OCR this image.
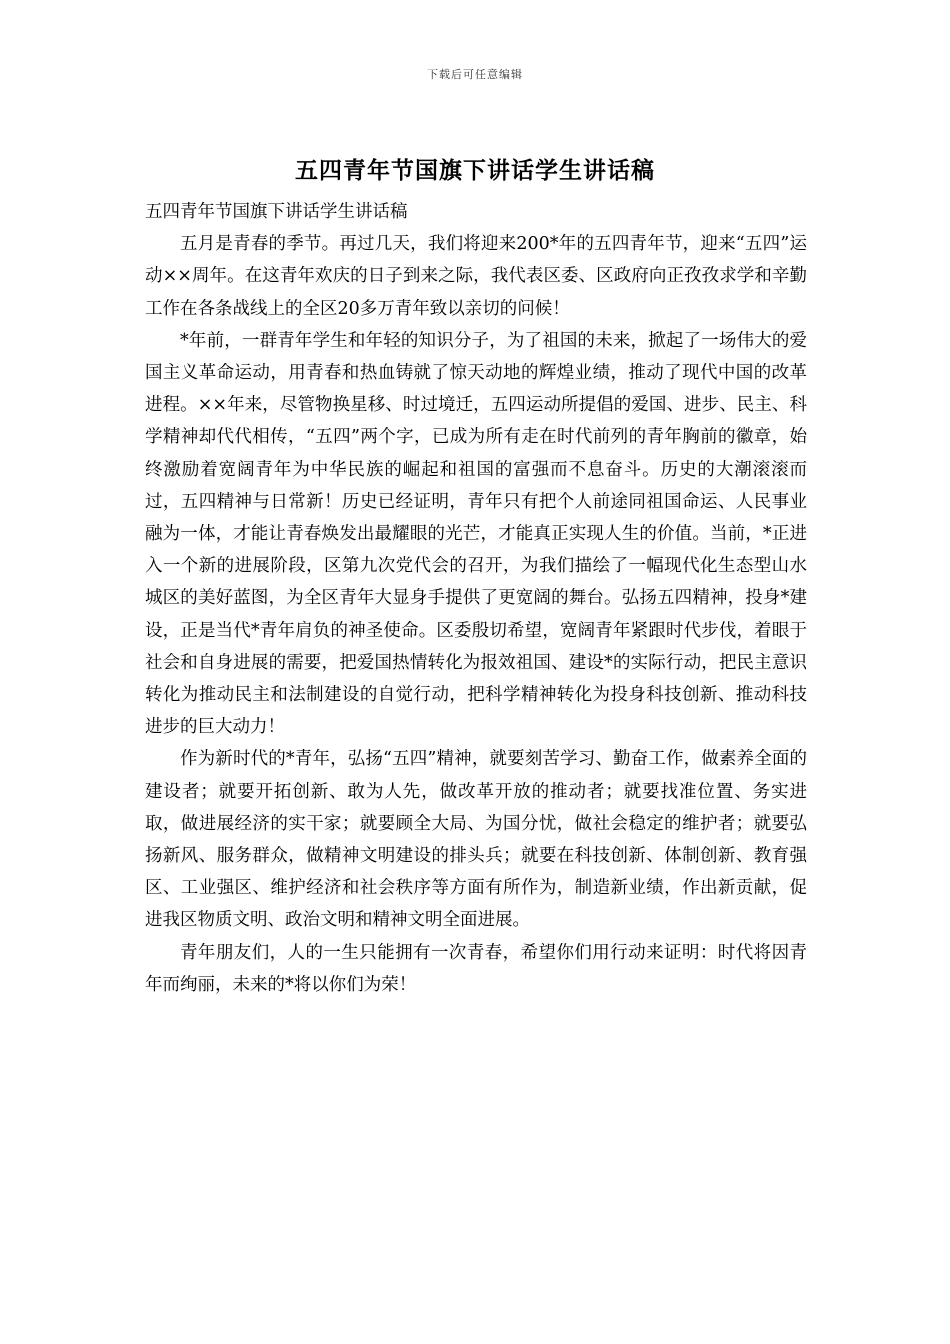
下载后可任意编辑
五四青年节国旗下讲话学生讲话稿

五四青年节国旗下讲话学生讲话稿

五月是青春的季节。再过几天，我们将迎来200*年的五四青年节，迎来“五四”运动××周年。在这青年欢庆的日子到来之际，我代表区委、区政府向正孜孜求学和辛勤工作在各条战线上的全区20多万青年致以亲切的问候！

*年前，一群青年学生和年轻的知识分子，为了祖国的未来，掀起了一场伟大的爱国主义革命运动，用青春和热血铸就了惊天动地的辉煌业绩，推动了现代中国的改革进程。××年来，尽管物换星移、时过境迁，五四运动所提倡的爱国、进步、民主、科学精神却代代相传，“五四”两个字，已成为所有走在时代前列的青年胸前的徽章，始终激励着宽阔青年为中华民族的崛起和祖国的富强而不息奋斗。历史的大潮滚滚而过，五四精神与日常新！历史已经证明，青年只有把个人前途同祖国命运、人民事业融为一体，才能让青春焕发出最耀眼的光芒，才能真正实现人生的价值。当前，*正进入一个新的进展阶段，区第九次党代会的召开，为我们描绘了一幅现代化生态型山水城区的美好蓝图，为全区青年大显身手提供了更宽阔的舞台。弘扬五四精神，投身*建设，正是当代*青年肩负的神圣使命。区委殷切希望，宽阔青年紧跟时代步伐，着眼于社会和自身进展的需要，把爱国热情转化为报效祖国、建设*的实际行动，把民主意识转化为推动民主和法制建设的自觉行动，把科学精神转化为投身科技创新、推动科技进步的巨大动力！

作为新时代的*青年，弘扬“五四”精神，就要刻苦学习、勤奋工作，做素养全面的建设者；就要开拓创新、敢为人先，做改革开放的推动者；就要找准位置、务实进取，做进展经济的实干家；就要顾全大局、为国分忧，做社会稳定的维护者；就要弘扬新风、服务群众，做精神文明建设的排头兵；就要在科技创新、体制创新、教育强区、工业强区、维护经济和社会秩序等方面有所作为，制造新业绩，作出新贡献，促进我区物质文明、政治文明和精神文明全面进展。

青年朋友们，人的一生只能拥有一次青春，希望你们用行动来证明：时代将因青年而绚丽，未来的*将以你们为荣！
